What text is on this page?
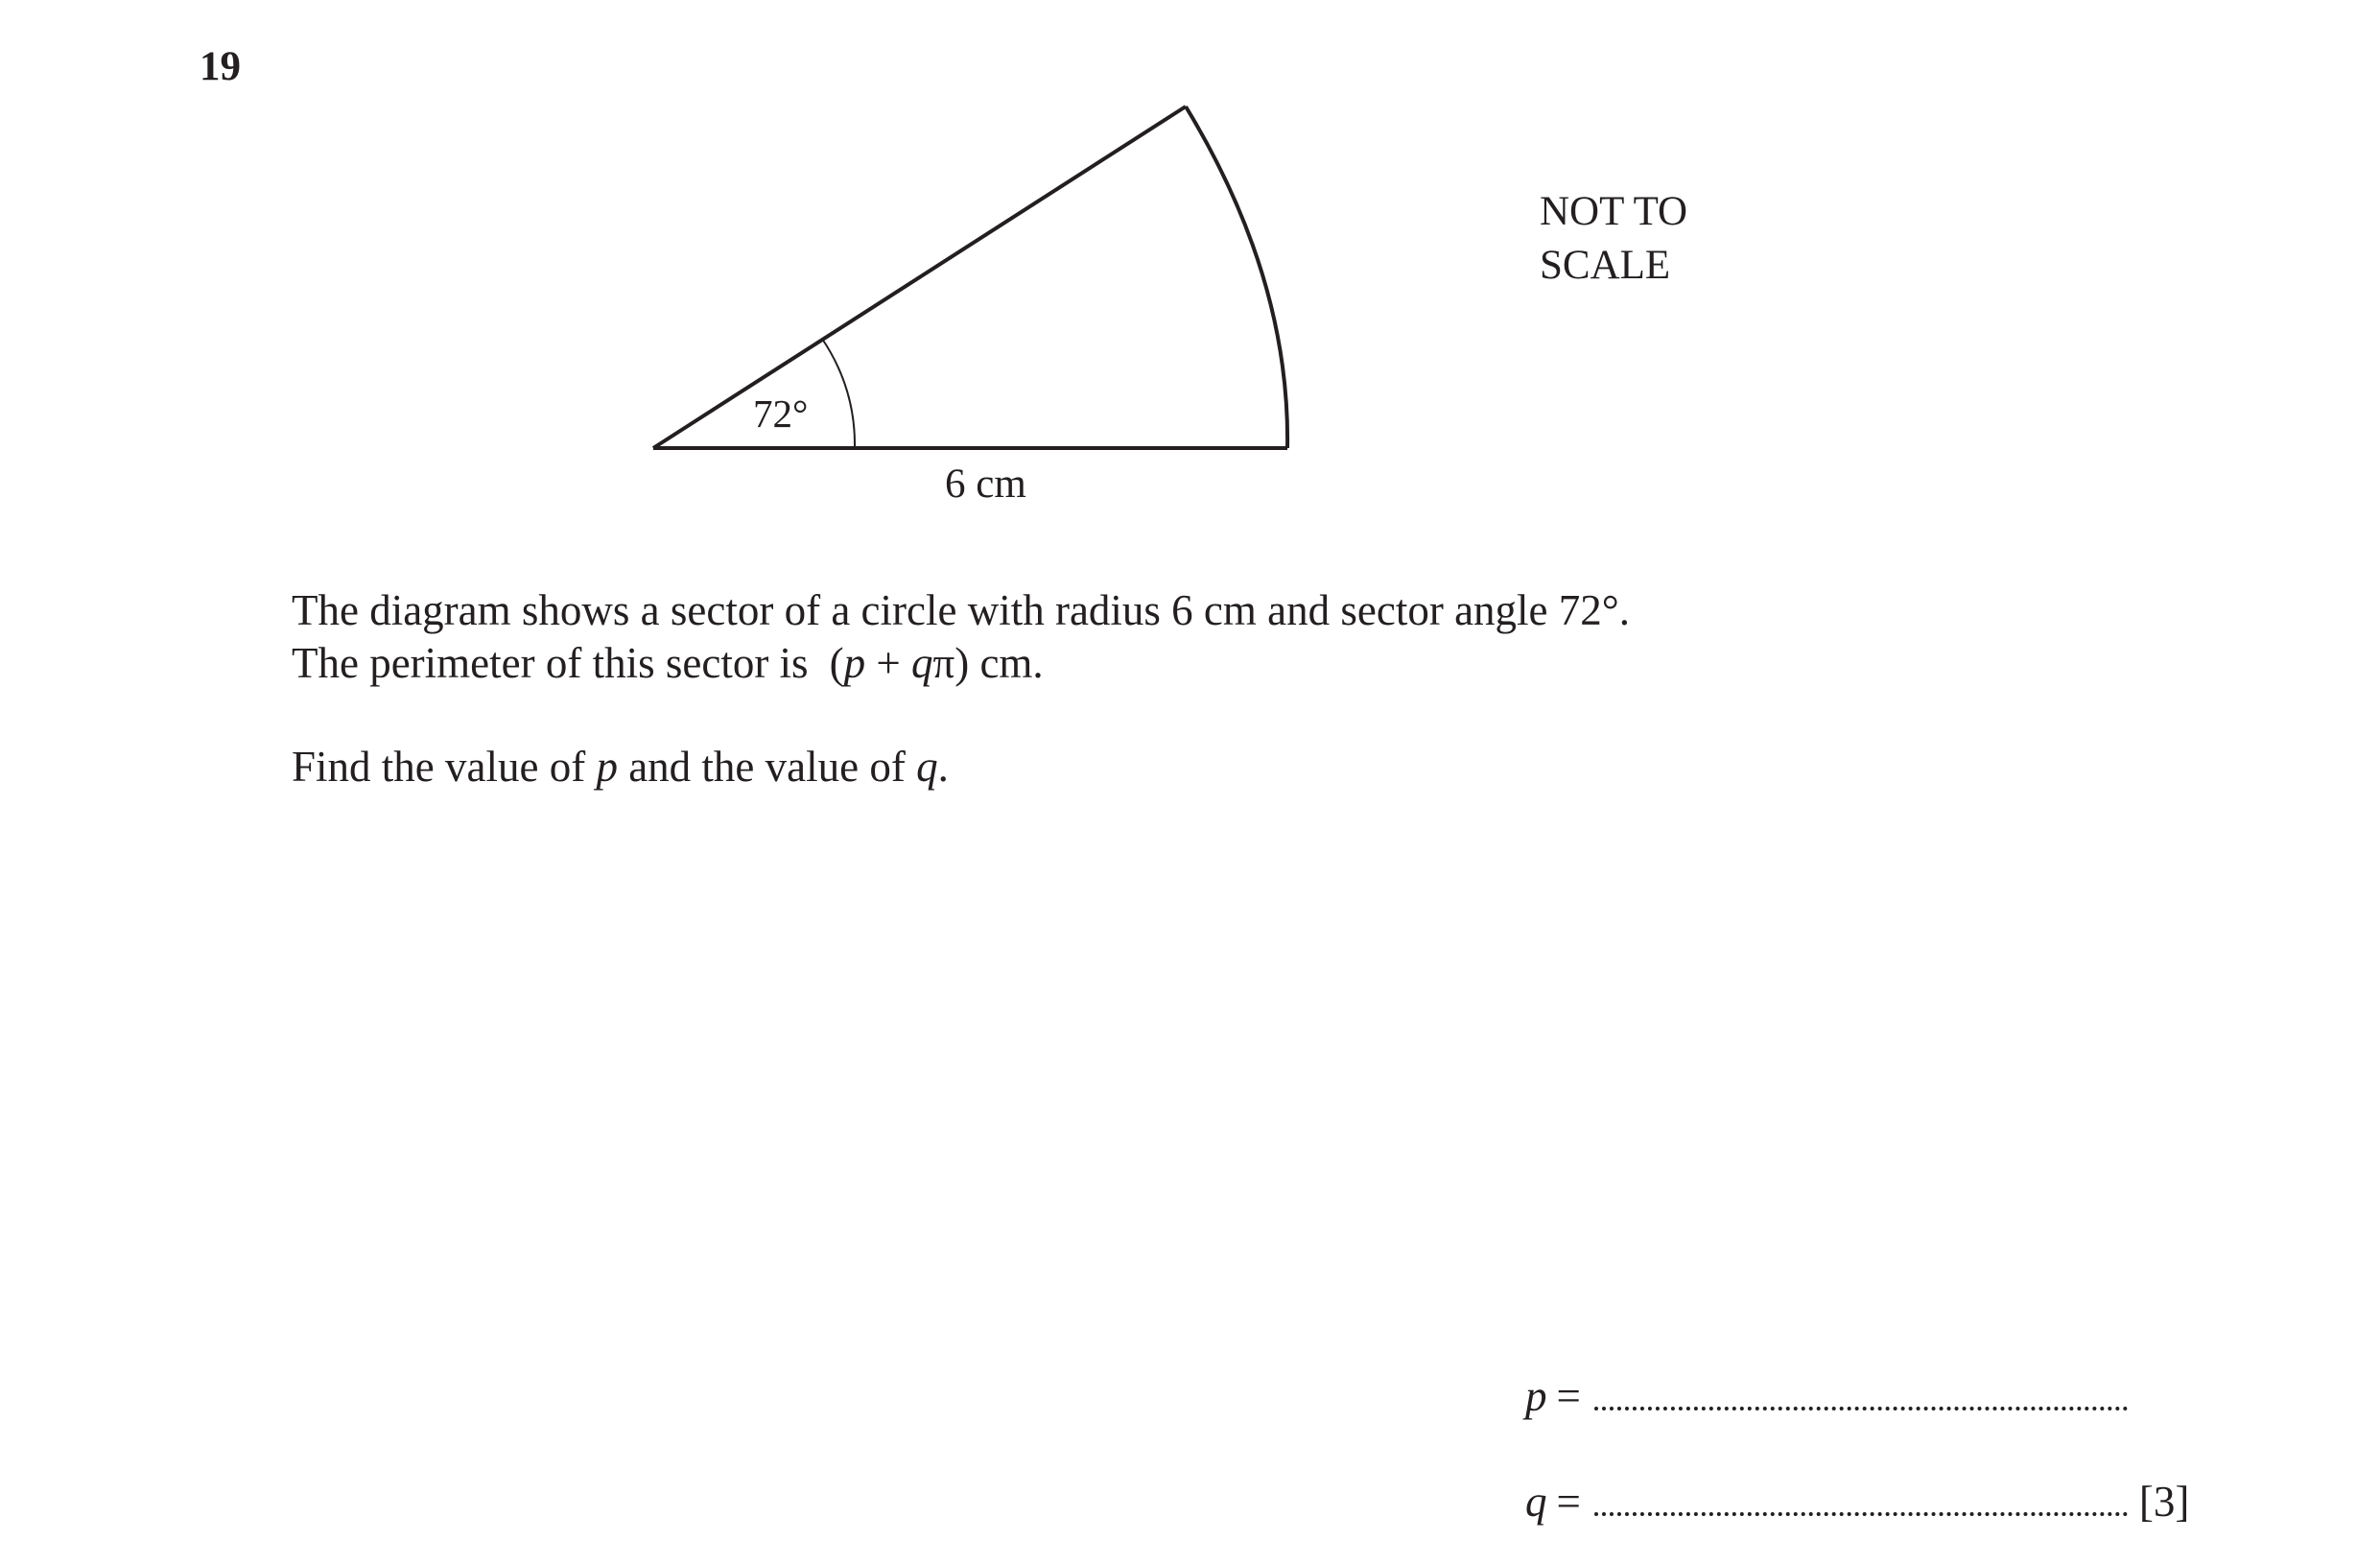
19
72°
6 cm
NOT TO
SCALE
The diagram shows a sector of a circle with radius 6 cm and sector angle 72°.
The perimeter of this sector is (p + qπ) cm.
Find the value of p and the value of q.
p =
q =	[3]
